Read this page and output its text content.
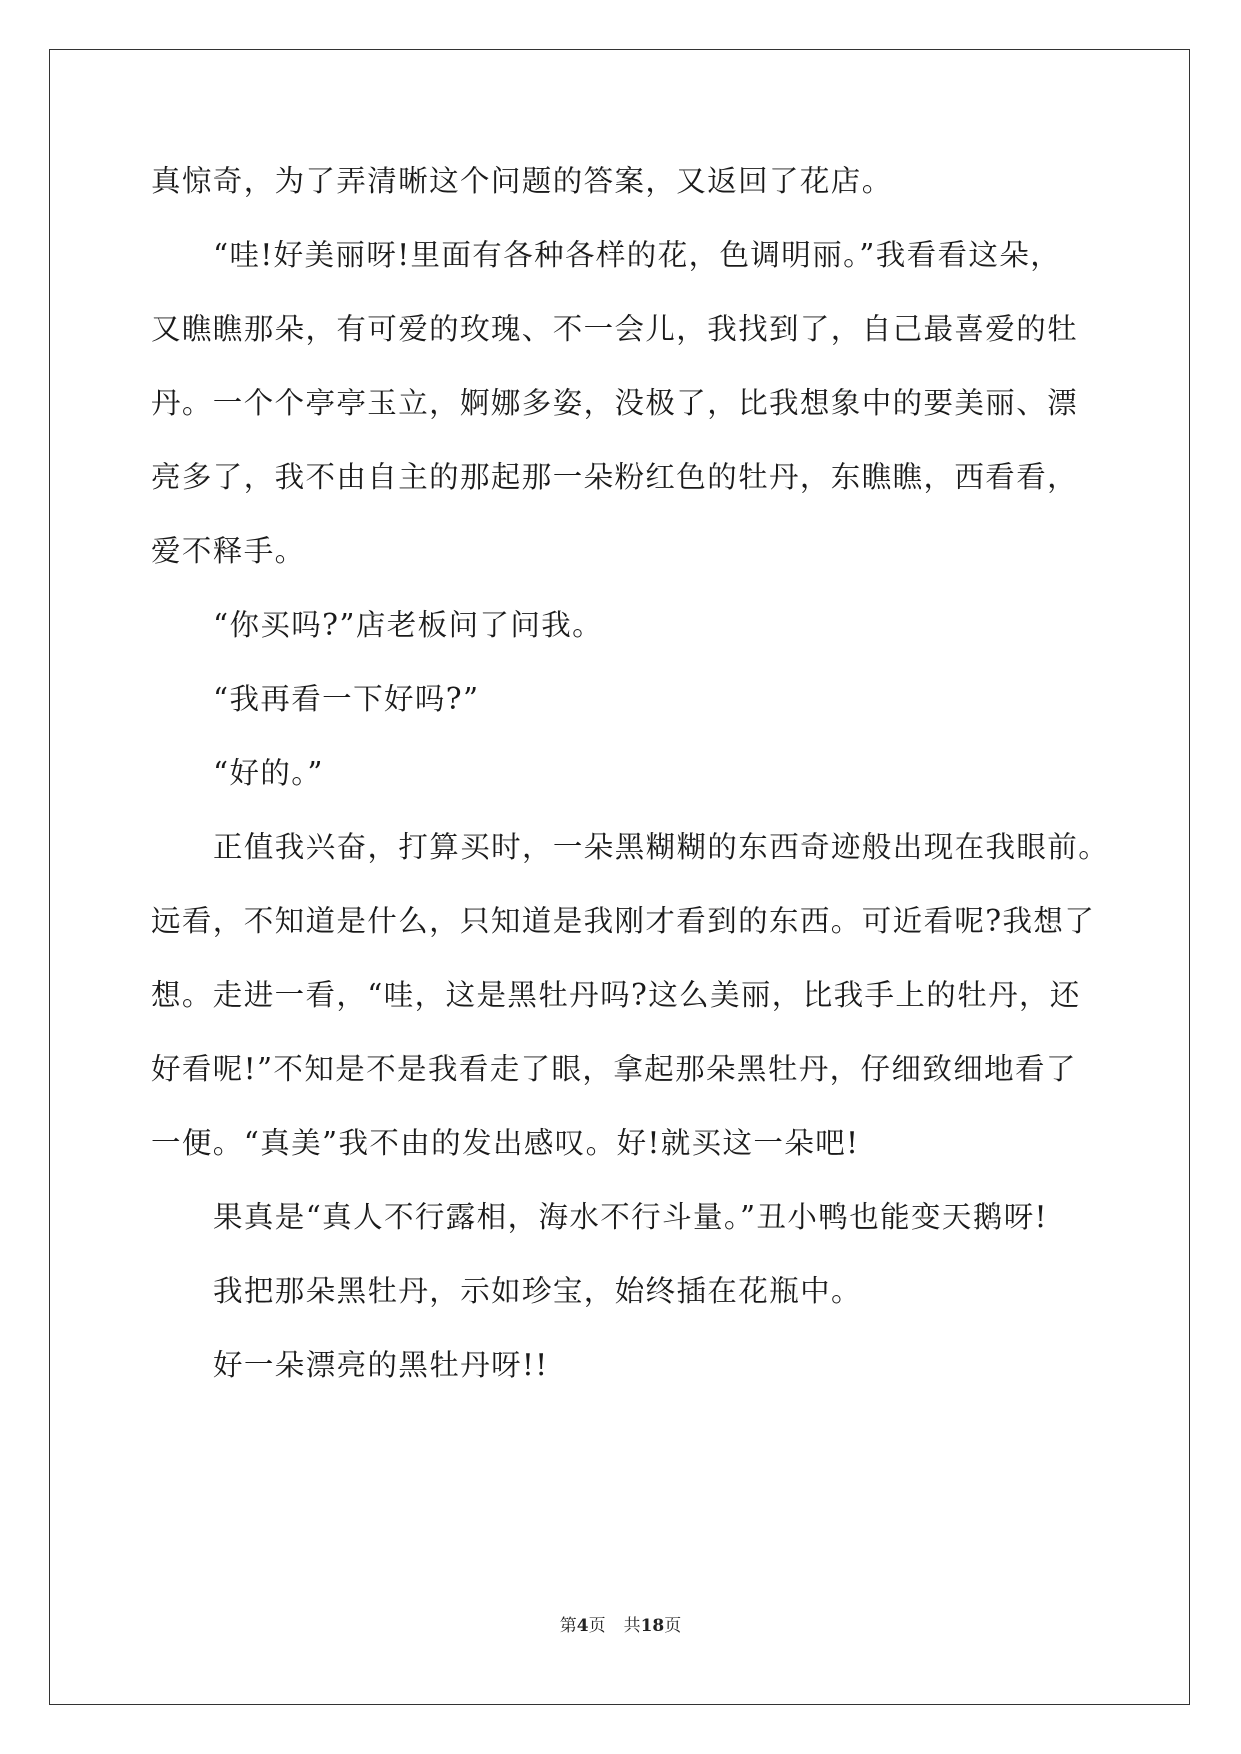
真惊奇，为了弄清晰这个问题的答案，又返回了花店。
“哇!好美丽呀!里面有各种各样的花，色调明丽。”我看看这朵，
又瞧瞧那朵，有可爱的玫瑰、不一会儿，我找到了，自己最喜爱的牡
丹。一个个亭亭玉立，婀娜多姿，没极了，比我想象中的要美丽、漂
亮多了，我不由自主的那起那一朵粉红色的牡丹，东瞧瞧，西看看，
爱不释手。
“你买吗?”店老板问了问我。
“我再看一下好吗?”
“好的。”
正值我兴奋，打算买时，一朵黑糊糊的东西奇迹般出现在我眼前。
远看，不知道是什么，只知道是我刚才看到的东西。可近看呢?我想了
想。走进一看，“哇，这是黑牡丹吗?这么美丽，比我手上的牡丹，还
好看呢!”不知是不是我看走了眼，拿起那朵黑牡丹，仔细致细地看了
一便。“真美”我不由的发出感叹。好!就买这一朵吧!
果真是“真人不行露相，海水不行斗量。”丑小鸭也能变天鹅呀!
我把那朵黑牡丹，示如珍宝，始终插在花瓶中。
好一朵漂亮的黑牡丹呀!!
第4页 共18页
